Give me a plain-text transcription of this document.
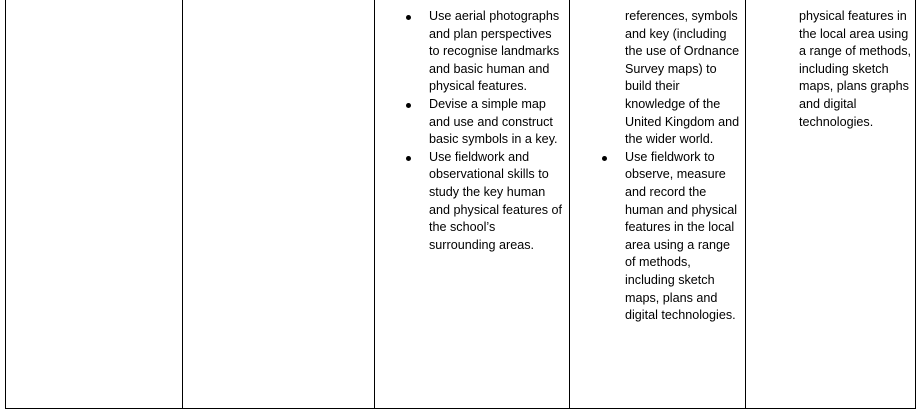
Use aerial photographs and plan perspectives to recognise landmarks and basic human and physical features.
Devise a simple map and use and construct basic symbols in a key.
Use fieldwork and observational skills to study the key human and physical features of the school’s surrounding areas.
references, symbols and key (including the use of Ordnance Survey maps) to build their knowledge of the United Kingdom and the wider world.
Use fieldwork to observe, measure and record the human and physical features in the local area using a range of methods, including sketch maps, plans and digital technologies.

physical features in the local area using a range of methods, including sketch maps, plans graphs and digital technologies.
